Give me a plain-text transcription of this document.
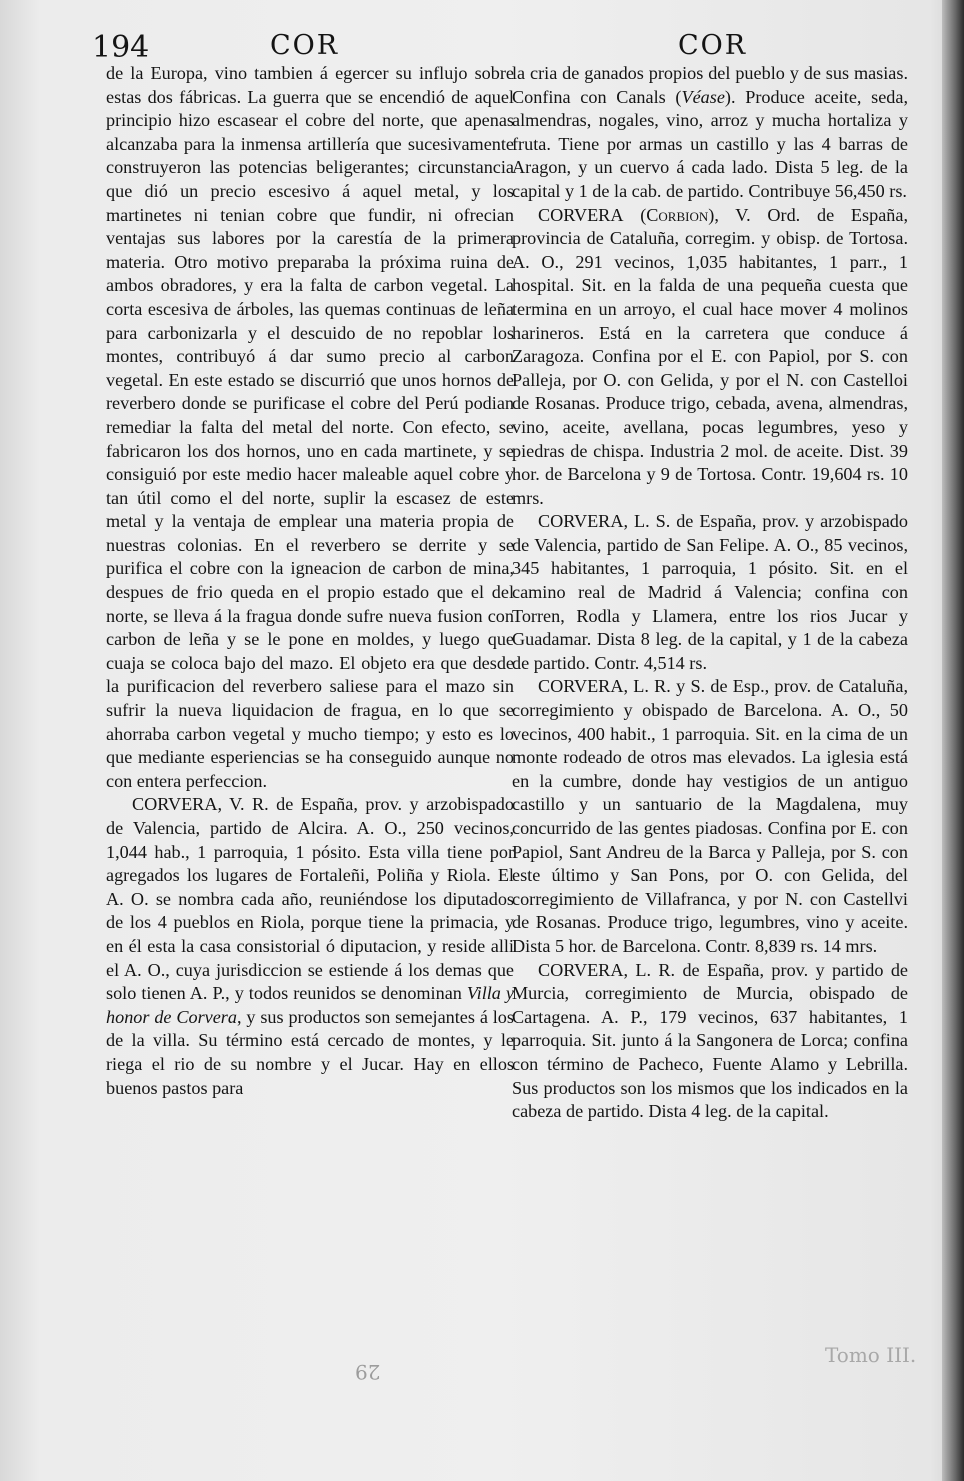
194	COR	COR

de la Europa, vino tambien á egercer su influjo sobre estas dos fábricas. La guerra que se encendió de aquel principio hizo escasear el cobre del norte, que apenas alcanzaba para la inmensa artillería que sucesivamente construyeron las potencias beligerantes; circunstancia que dió un precio escesivo á aquel metal, y los martinetes ni tenian cobre que fundir, ni ofrecian ventajas sus labores por la carestía de la primera materia. Otro motivo preparaba la próxima ruina de ambos obradores, y era la falta de carbon vegetal. La corta escesiva de árboles, las quemas continuas de leña para carbonizarla y el descuido de no repoblar los montes, contribuyó á dar sumo precio al carbon vegetal. En este estado se discurrió que unos hornos de reverbero donde se purificase el cobre del Perú podian remediar la falta del metal del norte. Con efecto, se fabricaron los dos hornos, uno en cada martinete, y se consiguió por este medio hacer maleable aquel cobre y tan útil como el del norte, suplir la escasez de este metal y la ventaja de emplear una materia propia de nuestras colonias. En el reverbero se derrite y se purifica el cobre con la igneacion de carbon de mina, despues de frio queda en el propio estado que el del norte, se lleva á la fragua donde sufre nueva fusion con carbon de leña y se le pone en moldes, y luego que cuaja se coloca bajo del mazo. El objeto era que desde la purificacion del reverbero saliese para el mazo sin sufrir la nueva liquidacion de fragua, en lo que se ahorraba carbon vegetal y mucho tiempo; y esto es lo que mediante esperiencias se ha conseguido aunque no con entera perfeccion.

CORVERA, V. R. de España, prov. y arzobispado de Valencia, partido de Alcira. A. O., 250 vecinos, 1,044 hab., 1 parroquia, 1 pósito. Esta villa tiene por agregados los lugares de Fortaleñi, Poliña y Riola. El A. O. se nombra cada año, reuniéndose los diputados de los 4 pueblos en Riola, porque tiene la primacia, y en él esta la casa consistorial ó diputacion, y reside alli el A. O., cuya jurisdiccion se estiende á los demas que solo tienen A. P., y todos reunidos se denominan Villa y honor de Corvera, y sus productos son semejantes á los de la villa. Su término está cercado de montes, y le riega el rio de su nombre y el Jucar. Hay en ellos buenos pastos para

la cria de ganados propios del pueblo y de sus masias. Confina con Canals (Véase). Produce aceite, seda, almendras, nogales, vino, arroz y mucha hortaliza y fruta. Tiene por armas un castillo y las 4 barras de Aragon, y un cuervo á cada lado. Dista 5 leg. de la capital y 1 de la cab. de partido. Contribuye 56,450 rs.

CORVERA (Corbion), V. Ord. de España, provincia de Cataluña, corregim. y obisp. de Tortosa. A. O., 291 vecinos, 1,035 habitantes, 1 parr., 1 hospital. Sit. en la falda de una pequeña cuesta que termina en un arroyo, el cual hace mover 4 molinos harineros. Está en la carretera que conduce á Zaragoza. Confina por el E. con Papiol, por S. con Palleja, por O. con Gelida, y por el N. con Castelloi de Rosanas. Produce trigo, cebada, avena, almendras, vino, aceite, avellana, pocas legumbres, yeso y piedras de chispa. Industria 2 mol. de aceite. Dist. 39 hor. de Barcelona y 9 de Tortosa. Contr. 19,604 rs. 10 mrs.

CORVERA, L. S. de España, prov. y arzobispado de Valencia, partido de San Felipe. A. O., 85 vecinos, 345 habitantes, 1 parroquia, 1 pósito. Sit. en el camino real de Madrid á Valencia; confina con Torren, Rodla y Llamera, entre los rios Jucar y Guadamar. Dista 8 leg. de la capital, y 1 de la cabeza de partido. Contr. 4,514 rs.

CORVERA, L. R. y S. de Esp., prov. de Cataluña, corregimiento y obispado de Barcelona. A. O., 50 vecinos, 400 habit., 1 parroquia. Sit. en la cima de un monte rodeado de otros mas elevados. La iglesia está en la cumbre, donde hay vestigios de un antiguo castillo y un santuario de la Magdalena, muy concurrido de las gentes piadosas. Confina por E. con Papiol, Sant Andreu de la Barca y Palleja, por S. con este último y San Pons, por O. con Gelida, del corregimiento de Villafranca, y por N. con Castellvi de Rosanas. Produce trigo, legumbres, vino y aceite. Dista 5 hor. de Barcelona. Contr. 8,839 rs. 14 mrs.

CORVERA, L. R. de España, prov. y partido de Murcia, corregimiento de Murcia, obispado de Cartagena. A. P., 179 vecinos, 637 habitantes, 1 parroquia. Sit. junto á la Sangonera de Lorca; confina con término de Pacheco, Fuente Alamo y Lebrilla. Sus productos son los mismos que los indicados en la cabeza de partido. Dista 4 leg. de la capital.

29
Tomo III.
